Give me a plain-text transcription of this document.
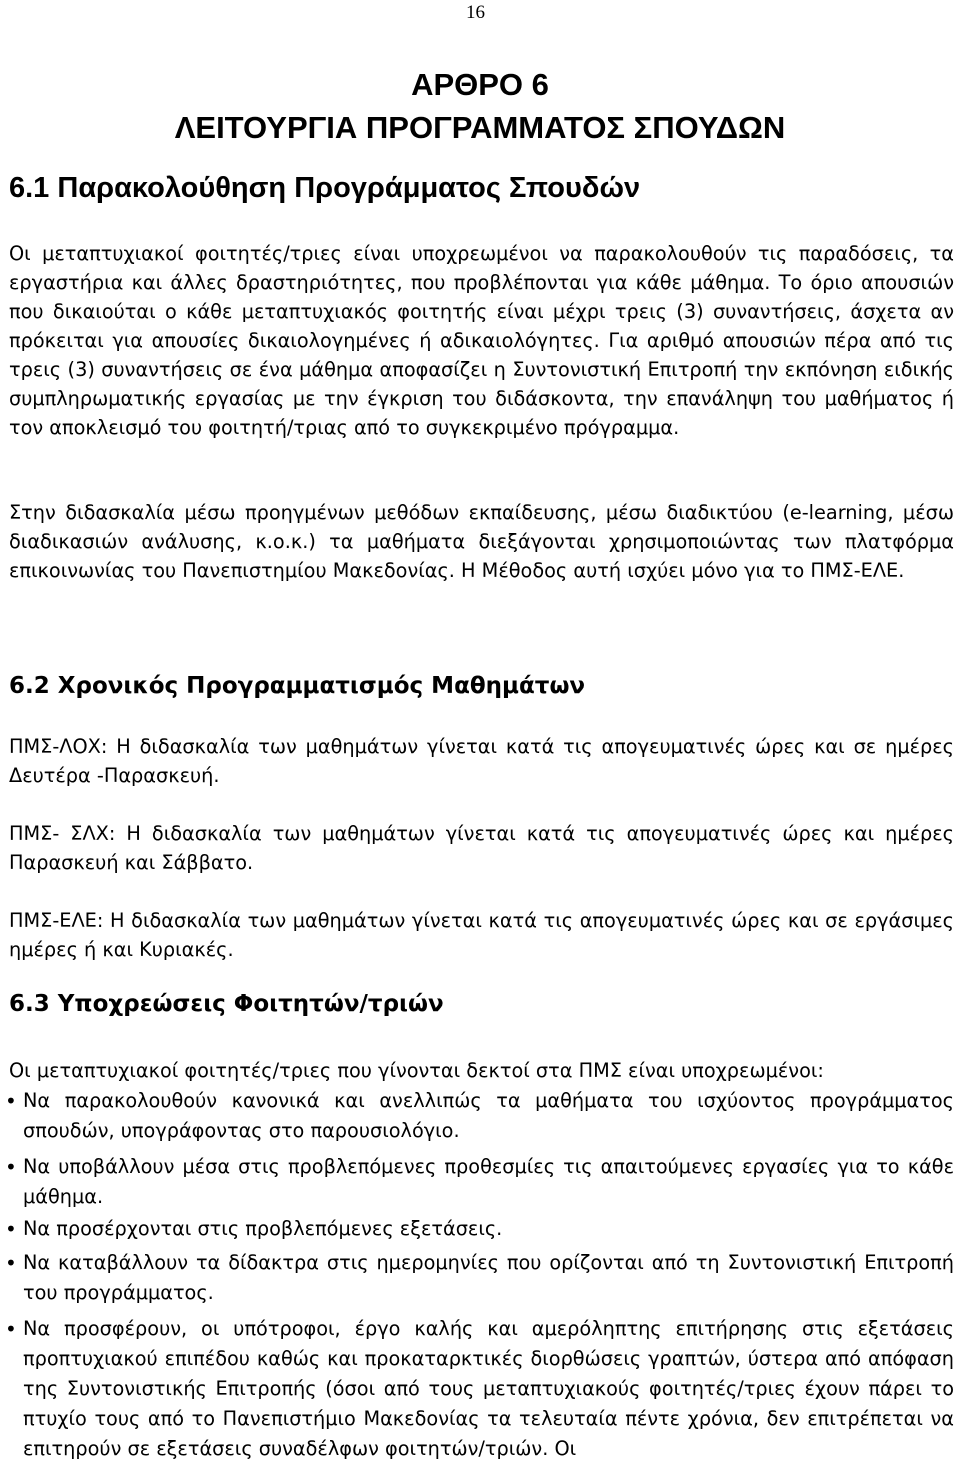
16
ΑΡΘΡΟ 6
ΛΕΙΤΟΥΡΓΙΑ ΠΡΟΓΡΑΜΜΑΤΟΣ ΣΠΟΥΔΩΝ
6.1 Παρακολούθηση Προγράμματος Σπουδών
Οι μεταπτυχιακοί φοιτητές/τριες είναι υποχρεωμένοι να παρακολουθούν τις παραδόσεις, τα εργαστήρια και άλλες δραστηριότητες, που προβλέπονται για κάθε μάθημα. Το όριο απουσιών που δικαιούται ο κάθε μεταπτυχιακός φοιτητής είναι μέχρι τρεις (3) συναντήσεις, άσχετα αν πρόκειται για απουσίες δικαιολογημένες ή αδικαιολόγητες. Για αριθμό απουσιών πέρα από τις τρεις (3) συναντήσεις σε ένα μάθημα αποφασίζει η Συντονιστική Επιτροπή την εκπόνηση ειδικής συμπληρωματικής εργασίας με την έγκριση του διδάσκοντα, την επανάληψη του μαθήματος ή τον αποκλεισμό του φοιτητή/τριας από το συγκεκριμένο πρόγραμμα.
Στην διδασκαλία μέσω προηγμένων μεθόδων εκπαίδευσης, μέσω διαδικτύου (e-learning, μέσω διαδικασιών ανάλυσης, κ.ο.κ.) τα μαθήματα διεξάγονται χρησιμοποιώντας των πλατφόρμα επικοινωνίας του Πανεπιστημίου Μακεδονίας. Η Μέθοδος αυτή ισχύει μόνο για το ΠΜΣ-ΕΛΕ.
6.2 Χρονικός Προγραμματισμός Μαθημάτων
ΠΜΣ-ΛΟΧ: Η διδασκαλία των μαθημάτων γίνεται κατά τις απογευματινές ώρες και σε ημέρες Δευτέρα -Παρασκευή.
ΠΜΣ- ΣΛΧ: Η διδασκαλία των μαθημάτων γίνεται κατά τις απογευματινές ώρες και ημέρες Παρασκευή και Σάββατο.
ΠΜΣ-ΕΛΕ: Η διδασκαλία των μαθημάτων γίνεται κατά τις απογευματινές ώρες και σε εργάσιμες ημέρες ή και Κυριακές.
6.3 Υποχρεώσεις Φοιτητών/τριών
Οι μεταπτυχιακοί φοιτητές/τριες που γίνονται δεκτοί στα ΠΜΣ είναι υποχρεωμένοι:
• Να παρακολουθούν κανονικά και ανελλιπώς τα μαθήματα του ισχύοντος προγράμματος σπουδών, υπογράφοντας στο παρουσιολόγιο.
• Να υποβάλλουν μέσα στις προβλεπόμενες προθεσμίες τις απαιτούμενες εργασίες για το κάθε μάθημα.
• Να προσέρχονται στις προβλεπόμενες εξετάσεις.
• Να καταβάλλουν τα δίδακτρα στις ημερομηνίες που ορίζονται από τη Συντονιστική Επιτροπή του προγράμματος.
• Να προσφέρουν, οι υπότροφοι, έργο καλής και αμερόληπτης επιτήρησης στις εξετάσεις προπτυχιακού επιπέδου καθώς και προκαταρκτικές διορθώσεις γραπτών, ύστερα από απόφαση της Συντονιστικής Επιτροπής (όσοι από τους μεταπτυχιακούς φοιτητές/τριες έχουν πάρει το πτυχίο τους από το Πανεπιστήμιο Μακεδονίας τα τελευταία πέντε χρόνια, δεν επιτρέπεται να επιτηρούν σε εξετάσεις συναδέλφων φοιτητών/τριών. Οι
